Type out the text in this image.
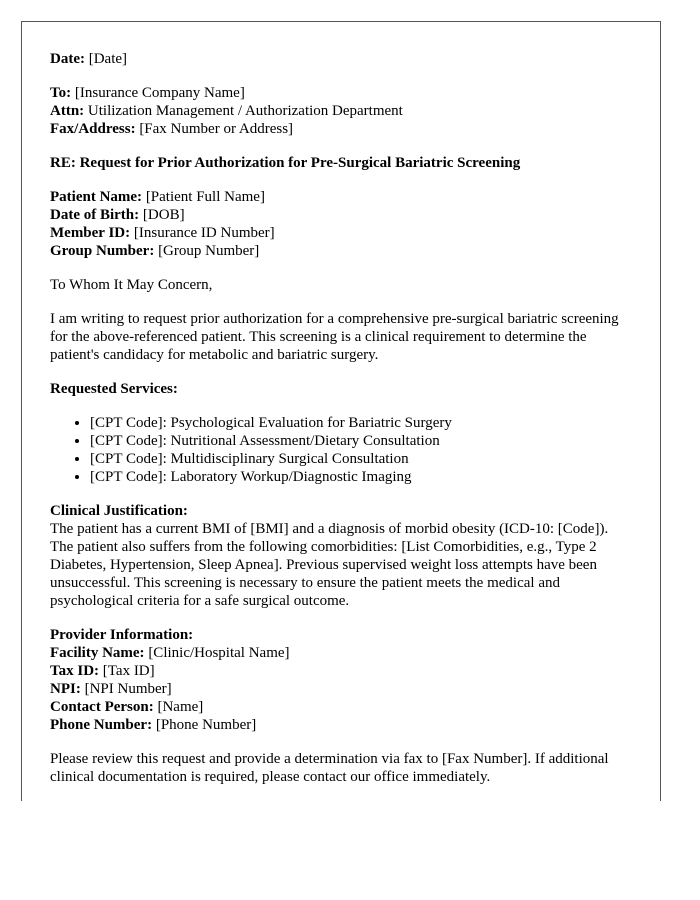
Date: [Date]
To: [Insurance Company Name]
Attn: Utilization Management / Authorization Department
Fax/Address: [Fax Number or Address]
RE: Request for Prior Authorization for Pre-Surgical Bariatric Screening
Patient Name: [Patient Full Name]
Date of Birth: [DOB]
Member ID: [Insurance ID Number]
Group Number: [Group Number]

To Whom It May Concern,

I am writing to request prior authorization for a comprehensive pre-surgical bariatric screening for the above-referenced patient. This screening is a clinical requirement to determine the patient's candidacy for metabolic and bariatric surgery.

Requested Services:

• [CPT Code]: Psychological Evaluation for Bariatric Surgery
• [CPT Code]: Nutritional Assessment/Dietary Consultation
• [CPT Code]: Multidisciplinary Surgical Consultation
• [CPT Code]: Laboratory Workup/Diagnostic Imaging
Clinical Justification:
The patient has a current BMI of [BMI] and a diagnosis of morbid obesity (ICD-10: [Code]). The patient also suffers from the following comorbidities: [List Comorbidities, e.g., Type 2 Diabetes, Hypertension, Sleep Apnea]. Previous supervised weight loss attempts have been unsuccessful. This screening is necessary to ensure the patient meets the medical and psychological criteria for a safe surgical outcome.
Provider Information:
Facility Name: [Clinic/Hospital Name]
Tax ID: [Tax ID]
NPI: [NPI Number]
Contact Person: [Name]
Phone Number: [Phone Number]

Please review this request and provide a determination via fax to [Fax Number]. If additional clinical documentation is required, please contact our office immediately.
